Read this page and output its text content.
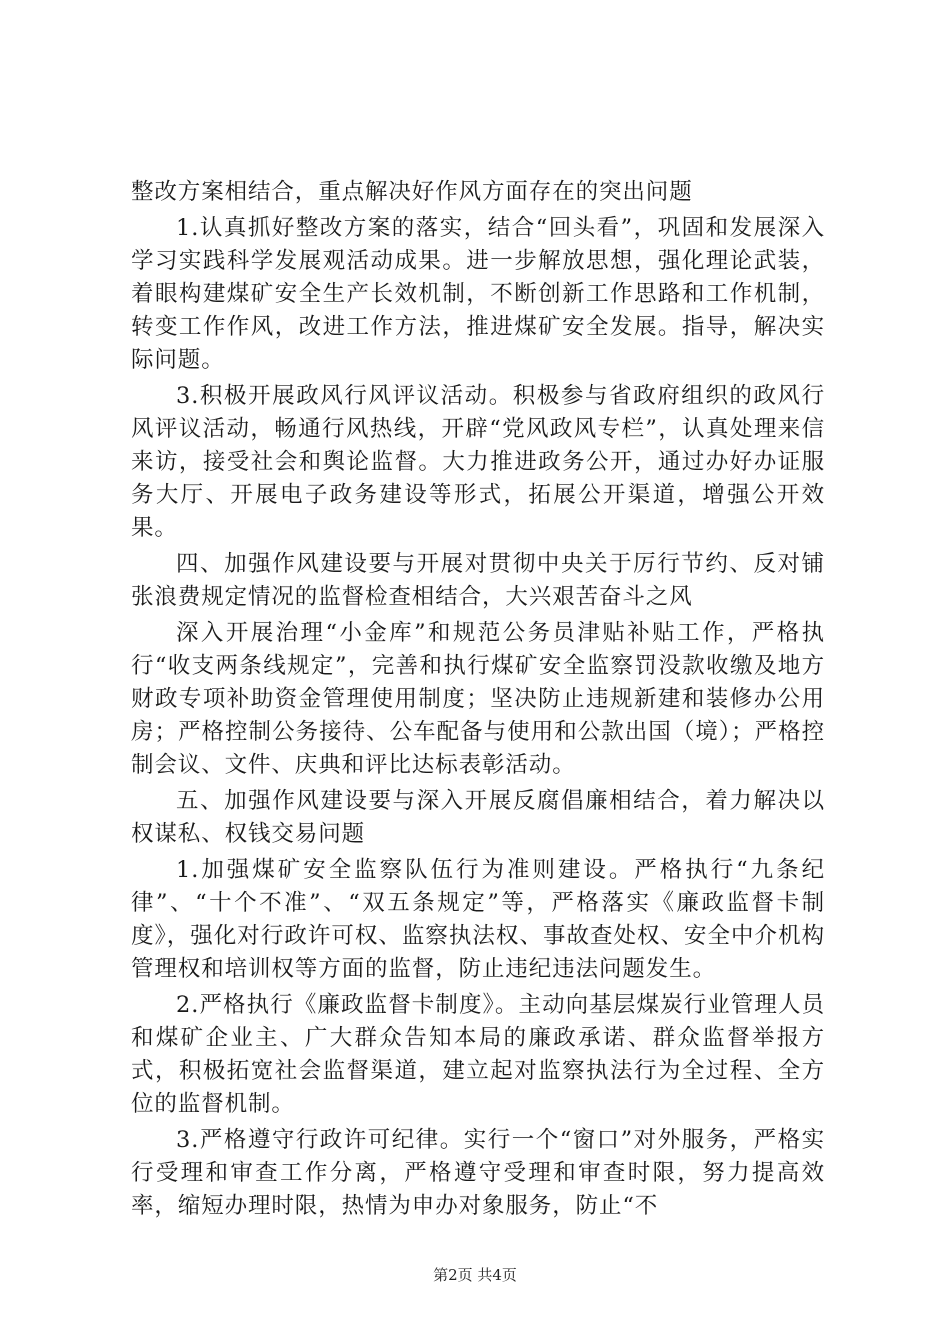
整改方案相结合，重点解决好作风方面存在的突出问题

1.认真抓好整改方案的落实，结合“回头看”，巩固和发展深入学习实践科学发展观活动成果。进一步解放思想，强化理论武装，着眼构建煤矿安全生产长效机制，不断创新工作思路和工作机制，转变工作作风，改进工作方法，推进煤矿安全发展。指导，解决实际问题。

3.积极开展政风行风评议活动。积极参与省政府组织的政风行风评议活动，畅通行风热线，开辟“党风政风专栏”，认真处理来信来访，接受社会和舆论监督。大力推进政务公开，通过办好办证服务大厅、开展电子政务建设等形式，拓展公开渠道，增强公开效果。

四、加强作风建设要与开展对贯彻中央关于厉行节约、反对铺张浪费规定情况的监督检查相结合，大兴艰苦奋斗之风

深入开展治理“小金库”和规范公务员津贴补贴工作，严格执行“收支两条线规定”，完善和执行煤矿安全监察罚没款收缴及地方财政专项补助资金管理使用制度；坚决防止违规新建和装修办公用房；严格控制公务接待、公车配备与使用和公款出国（境）；严格控制会议、文件、庆典和评比达标表彰活动。

五、加强作风建设要与深入开展反腐倡廉相结合，着力解决以权谋私、权钱交易问题

1.加强煤矿安全监察队伍行为准则建设。严格执行“九条纪律”、“十个不准”、“双五条规定”等，严格落实《廉政监督卡制度》，强化对行政许可权、监察执法权、事故查处权、安全中介机构管理权和培训权等方面的监督，防止违纪违法问题发生。

2.严格执行《廉政监督卡制度》。主动向基层煤炭行业管理人员和煤矿企业主、广大群众告知本局的廉政承诺、群众监督举报方式，积极拓宽社会监督渠道，建立起对监察执法行为全过程、全方位的监督机制。

3.严格遵守行政许可纪律。实行一个“窗口”对外服务，严格实行受理和审查工作分离，严格遵守受理和审查时限，努力提高效率，缩短办理时限，热情为申办对象服务，防止“不

第2页 共4页
